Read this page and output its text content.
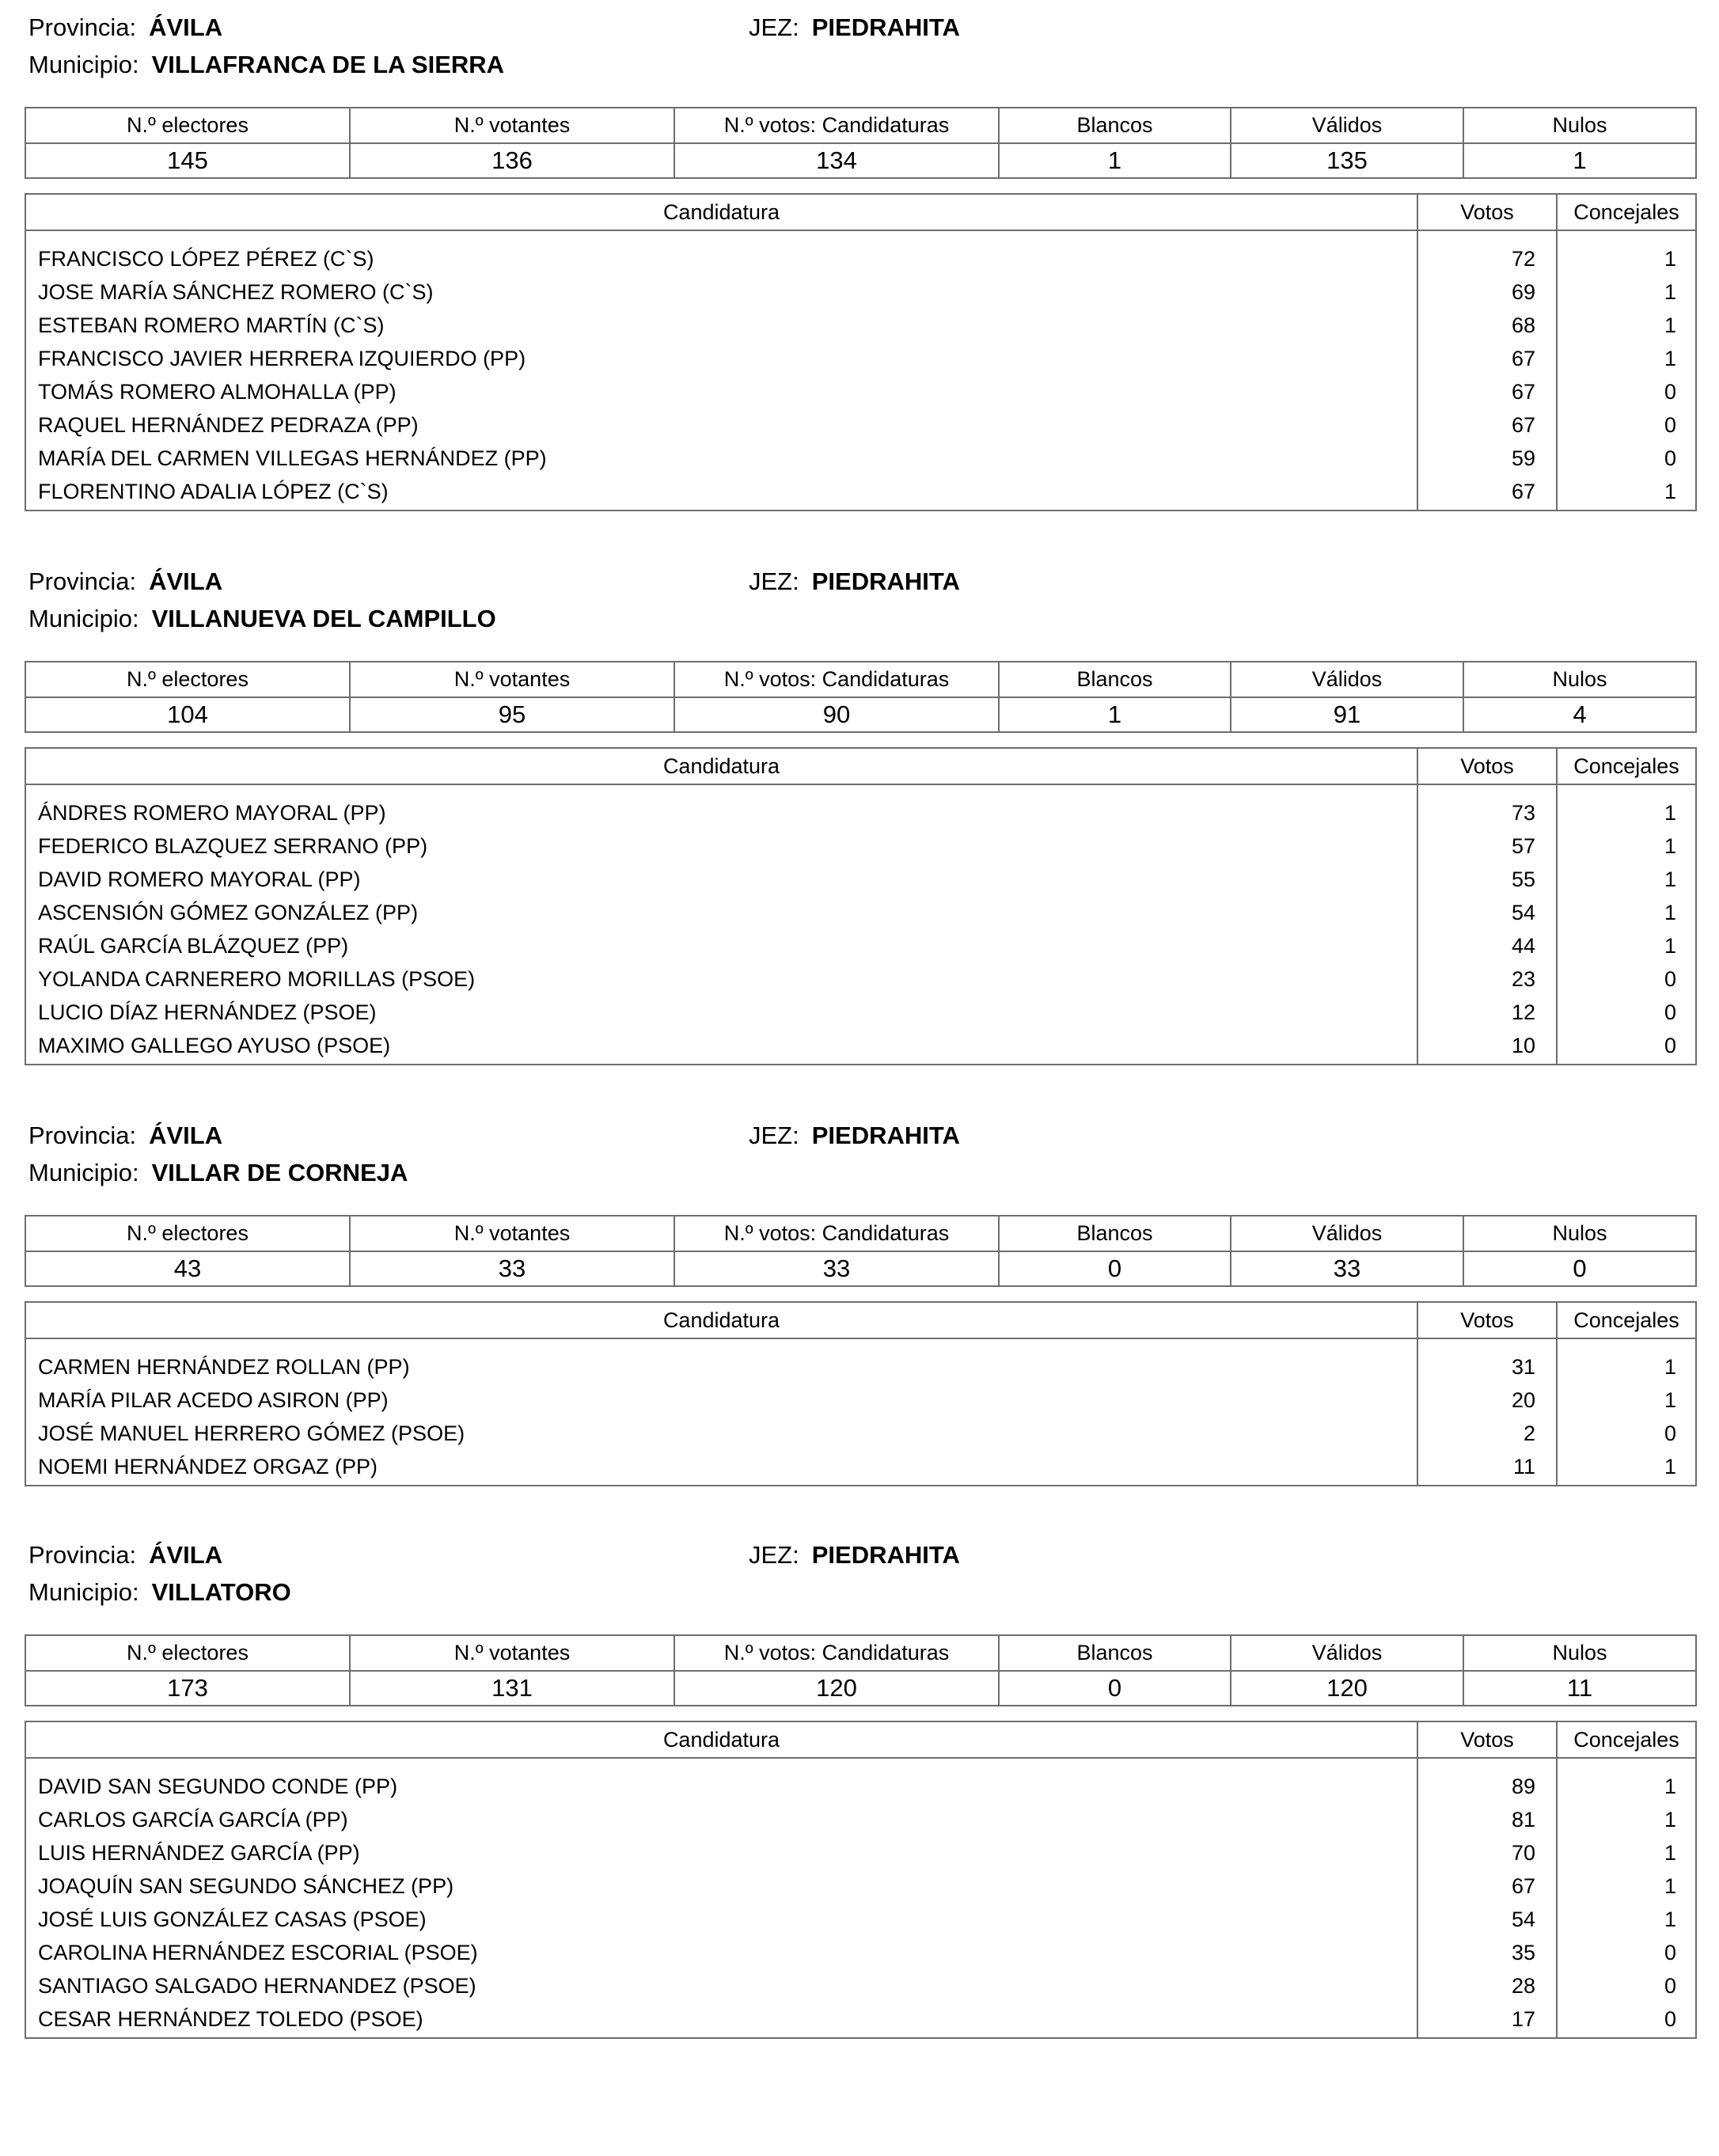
Provincia: ÁVILA	JEZ: PIEDRAHITA
Municipio: VILLAFRANCA DE LA SIERRA
N.º electores	N.º votantes	N.º votos: Candidaturas	Blancos	Válidos	Nulos
145	136	134	1	135	1
Candidatura	Votos	Concejales

FRANCISCO LÓPEZ PÉREZ (C`S)	72	1
JOSE MARÍA SÁNCHEZ ROMERO (C`S)	69	1
ESTEBAN ROMERO MARTÍN (C`S)	68	1
FRANCISCO JAVIER HERRERA IZQUIERDO (PP)	67	1
TOMÁS ROMERO ALMOHALLA (PP)	67	0
RAQUEL HERNÁNDEZ PEDRAZA (PP)	67	0
MARÍA DEL CARMEN VILLEGAS HERNÁNDEZ (PP)	59	0
FLORENTINO ADALIA LÓPEZ (C`S)	67	1

Provincia: ÁVILA	JEZ: PIEDRAHITA
Municipio: VILLANUEVA DEL CAMPILLO
N.º electores	N.º votantes	N.º votos: Candidaturas	Blancos	Válidos	Nulos
104	95	90	1	91	4
Candidatura	Votos	Concejales

ÁNDRES ROMERO MAYORAL (PP)	73	1
FEDERICO BLAZQUEZ SERRANO (PP)	57	1
DAVID ROMERO MAYORAL (PP)	55	1
ASCENSIÓN GÓMEZ GONZÁLEZ (PP)	54	1
RAÚL GARCÍA BLÁZQUEZ (PP)	44	1
YOLANDA CARNERERO MORILLAS (PSOE)	23	0
LUCIO DÍAZ HERNÁNDEZ (PSOE)	12	0
MAXIMO GALLEGO AYUSO (PSOE)	10	0

Provincia: ÁVILA	JEZ: PIEDRAHITA
Municipio: VILLAR DE CORNEJA
N.º electores	N.º votantes	N.º votos: Candidaturas	Blancos	Válidos	Nulos
43	33	33	0	33	0
Candidatura	Votos	Concejales

CARMEN HERNÁNDEZ ROLLAN (PP)	31	1
MARÍA PILAR ACEDO ASIRON (PP)	20	1
JOSÉ MANUEL HERRERO GÓMEZ (PSOE)	2	0
NOEMI HERNÁNDEZ ORGAZ (PP)	11	1

Provincia: ÁVILA	JEZ: PIEDRAHITA
Municipio: VILLATORO
N.º electores	N.º votantes	N.º votos: Candidaturas	Blancos	Válidos	Nulos
173	131	120	0	120	11
Candidatura	Votos	Concejales

DAVID SAN SEGUNDO CONDE (PP)	89	1
CARLOS GARCÍA GARCÍA (PP)	81	1
LUIS HERNÁNDEZ GARCÍA (PP)	70	1
JOAQUÍN SAN SEGUNDO SÁNCHEZ (PP)	67	1
JOSÉ LUIS GONZÁLEZ CASAS (PSOE)	54	1
CAROLINA HERNÁNDEZ ESCORIAL (PSOE)	35	0
SANTIAGO SALGADO HERNANDEZ (PSOE)	28	0
CESAR HERNÁNDEZ TOLEDO (PSOE)	17	0
